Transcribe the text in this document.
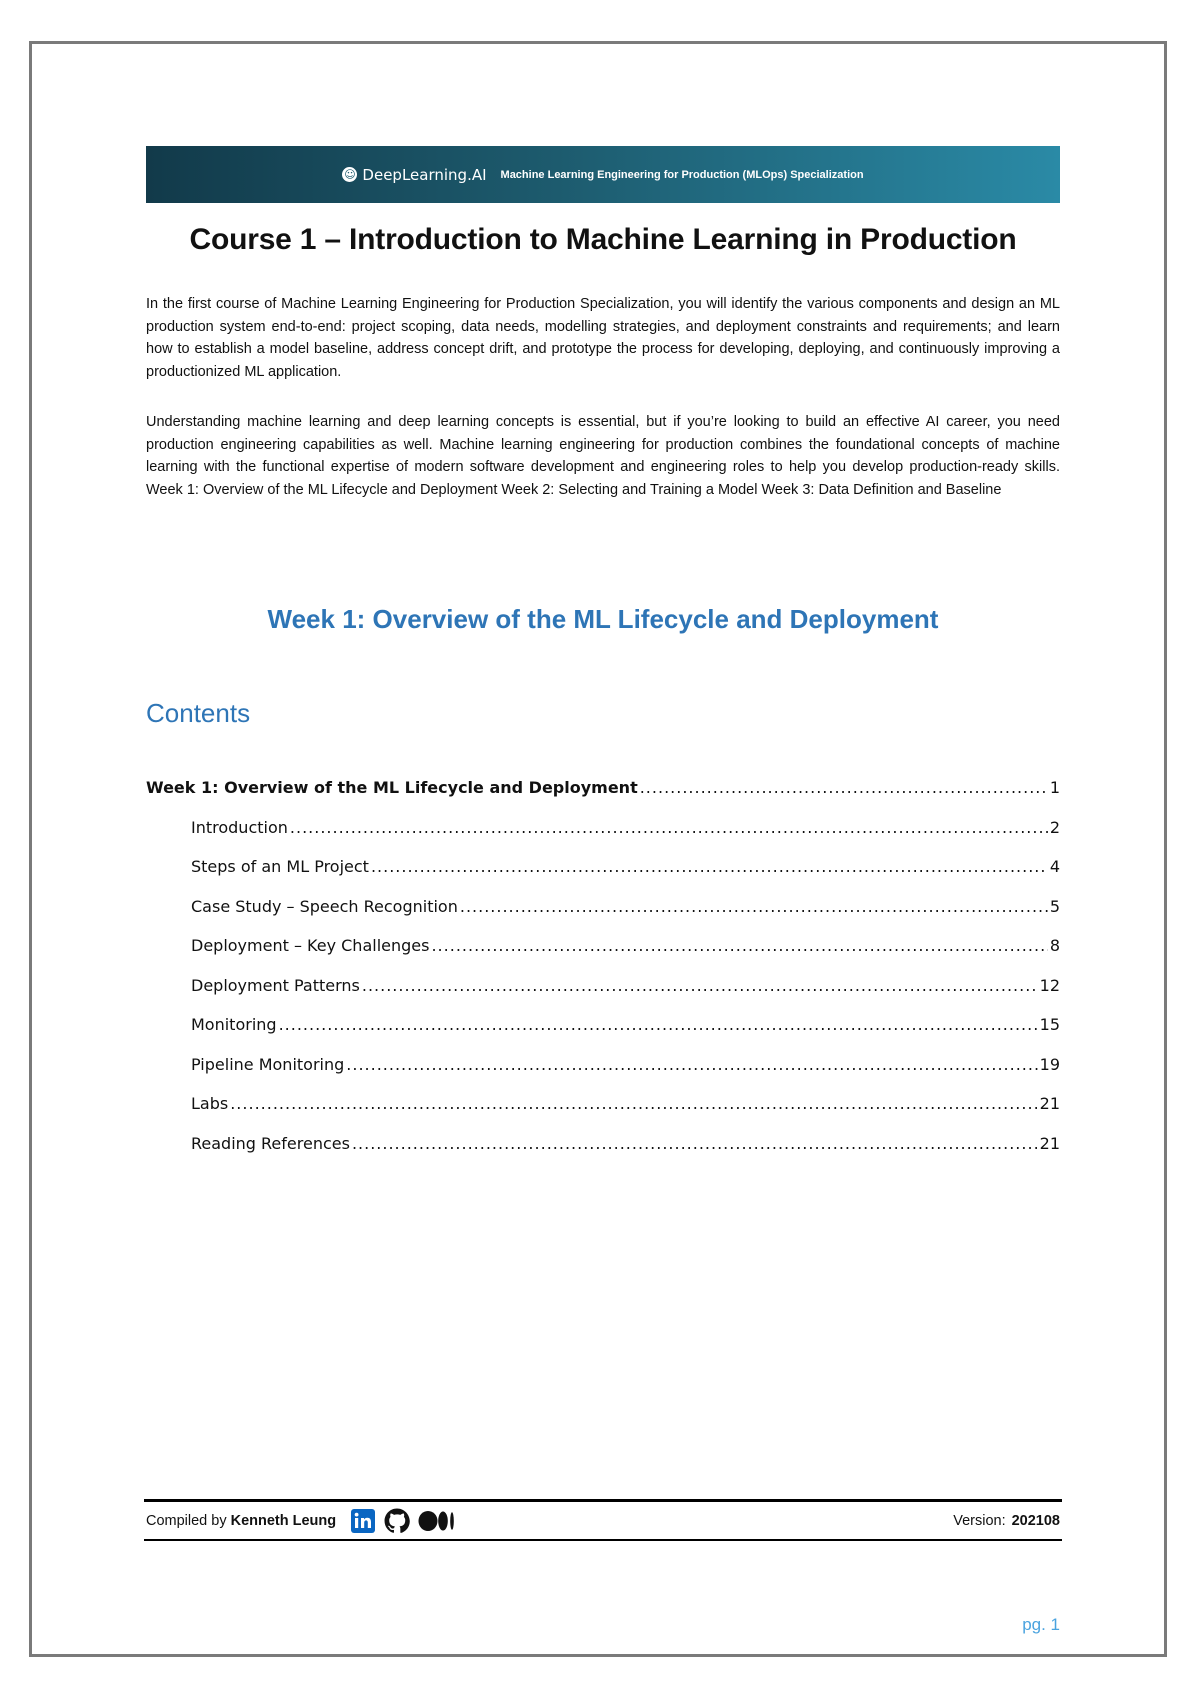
☺ DeepLearning.AI Machine Learning Engineering for Production (MLOps) Specialization
Course 1 – Introduction to Machine Learning in Production

In the first course of Machine Learning Engineering for Production Specialization, you will identify the various components and design an ML production system end-to-end: project scoping, data needs, modelling strategies, and deployment constraints and requirements; and learn how to establish a model baseline, address concept drift, and prototype the process for developing, deploying, and continuously improving a productionized ML application.

Understanding machine learning and deep learning concepts is essential, but if you’re looking to build an effective AI career, you need production engineering capabilities as well. Machine learning engineering for production combines the foundational concepts of machine learning with the functional expertise of modern software development and engineering roles to help you develop production-ready skills. Week 1: Overview of the ML Lifecycle and Deployment Week 2: Selecting and Training a Model Week 3: Data Definition and Baseline

Week 1: Overview of the ML Lifecycle and Deployment
Contents
Week 1: Overview of the ML Lifecycle and Deployment .....	1
Introduction .....	2
Steps of an ML Project .....	4
Case Study – Speech Recognition .....	5
Deployment – Key Challenges .....	8
Deployment Patterns .....	12
Monitoring .....	15
Pipeline Monitoring .....	19
Labs .....	21
Reading References .....	21
Compiled by Kenneth Leung	Version: 202108
pg. 1
